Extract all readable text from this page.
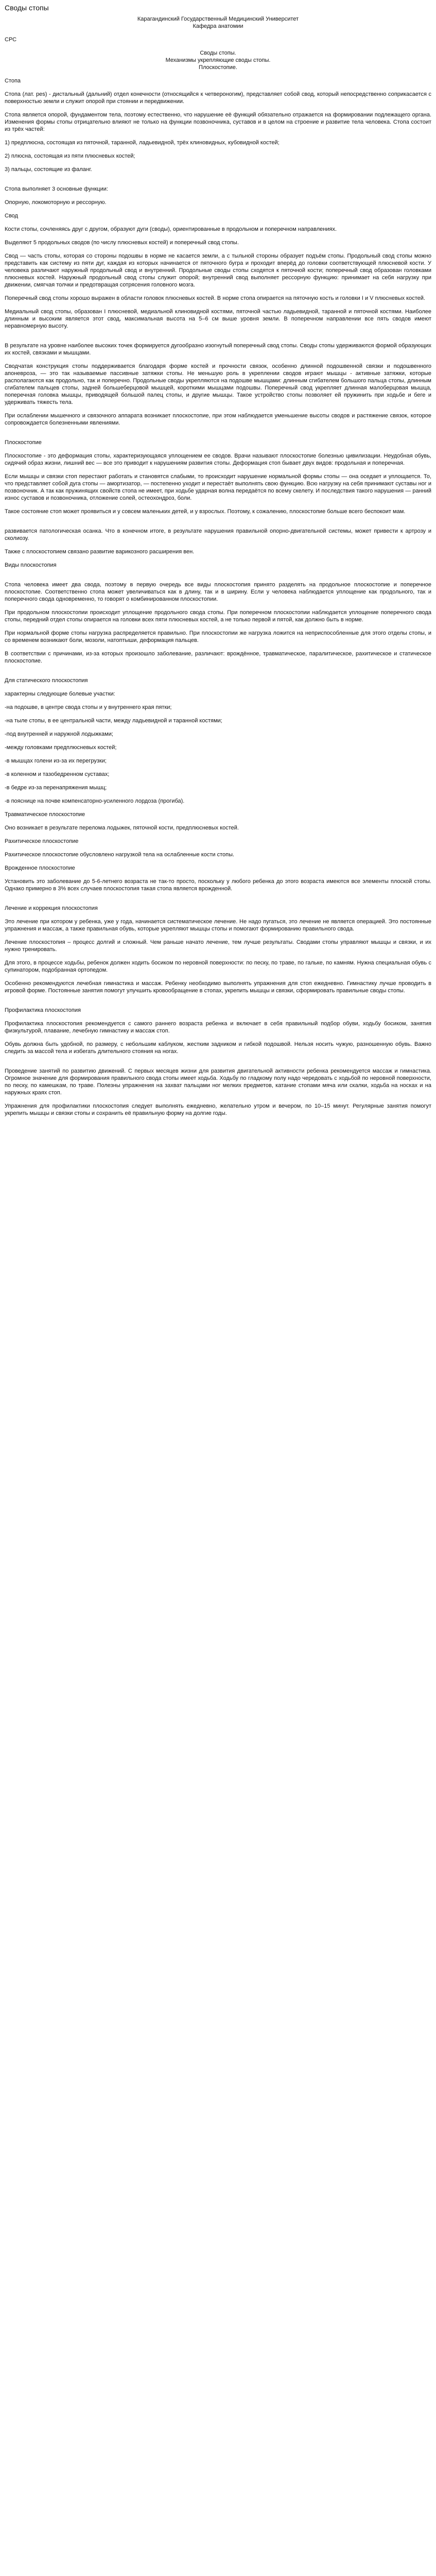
Своды стопы
Карагандинский Государственный Медицинский Университет
Кафедра анатомии
СРС
Своды стопы.
Механизмы укрепляющие своды стопы.
Плоскостопие.
Стопа
Стопа (лат. pes) - дистальный (дальний) отдел конечности (относящийся к четвероногим), представляет собой свод, который непосредственно соприкасается с поверхностью земли и служит опорой при стоянии и передвижении.
Стопа является опорой, фундаментом тела, поэтому естественно, что нарушение её функций обязательно отражается на формировании подлежащего органа. Изменения формы стопы отрицательно влияют не только на функции позвоночника, суставов и в целом на строение и развитие тела человека. Стопа состоит из трёх частей:
1) предплюсна, состоящая из пяточной, таранной, ладьевидной, трёх клиновидных, кубовидной костей;
2) плюсна, состоящая из пяти плюсневых костей;
3) пальцы, состоящие из фаланг.
Стопа выполняет 3 основные функции:
Опорную, локомоторную и рессорную.
Свод
Кости стопы, сочленяясь друг с другом, образуют дуги (своды), ориентированные в продольном и поперечном направлениях.
Выделяют 5 продольных сводов (по числу плюсневых костей) и поперечный свод стопы.
Свод — часть стопы, которая со стороны подошвы в норме не касается земли, а с тыльной стороны образует подъём стопы. Продольный свод стопы можно представить как систему из пяти дуг, каждая из которых начинается от пяточного бугра и проходит вперёд до головки соответствующей плюсневой кости. У человека различают наружный продольный свод и внутренний. Продольные своды стопы сходятся к пяточной кости; поперечный свод образован головками плюсневых костей. Наружный продольный свод стопы служит опорой; внутренний свод выполняет рессорную функцию: принимает на себя нагрузку при движении, смягчая толчки и предотвращая сотрясения головного мозга.
Поперечный свод стопы хорошо выражен в области головок плюсневых костей. В норме стопа опирается на пяточную кость и головки I и V плюсневых костей.
Медиальный свод стопы, образован I плюсневой, медиальной клиновидной костями, пяточной частью ладьевидной, таранной и пяточной костями. Наиболее длинным и высоким является этот свод, максимальная высота на 5–6 см выше уровня земли. В поперечном направлении все пять сводов имеют неравномерную высоту.
В результате на уровне наиболее высоких точек формируется дугообразно изогнутый поперечный свод стопы. Своды стопы удерживаются формой образующих их костей, связками и мышцами.
Сводчатая конструкция стопы поддерживается благодаря форме костей и прочности связок, особенно длинной подошвенной связки и подошвенного апоневроза, — это так называемые пассивные затяжки стопы. Не меньшую роль в укреплении сводов играют мышцы - активные затяжки, которые располагаются как продольно, так и поперечно. Продольные своды укрепляются на подошве мышцами: длинным сгибателем большого пальца стопы, длинным сгибателем пальцев стопы, задней большеберцовой мышцей, короткими мышцами подошвы. Поперечный свод укрепляет длинная малоберцовая мышца, поперечная головка мышцы, приводящей большой палец стопы, и другие мышцы. Такое устройство стопы позволяет ей пружинить при ходьбе и беге и удерживать тяжесть тела.
При ослаблении мышечного и связочного аппарата возникает плоскостопие, при этом наблюдается уменьшение высоты сводов и растяжение связок, которое сопровождается болезненными явлениями.
Плоскостопие
Плоскостопие - это деформация стопы, характеризующаяся уплощением ее сводов. Врачи называют плоскостопие болезнью цивилизации. Неудобная обувь, сидячий образ жизни, лишний вес — все это приводит к нарушениям развития стопы. Деформация стоп бывает двух видов: продольная и поперечная.
Если мышцы и связки стоп перестают работать и становятся слабыми, то происходит нарушение нормальной формы стопы — она оседает и уплощается. То, что представляет собой дуга стопы — амортизатор, — постепенно уходит и перестаёт выполнять свою функцию. Всю нагрузку на себя принимают суставы ног и позвоночник. А так как пружинящих свойств стопа не имеет, при ходьбе ударная волна передаётся по всему скелету. И последствия такого нарушения — ранний износ суставов и позвоночника, отложение солей, остеохондроз, боли.
Такое состояние стоп может проявиться и у совсем маленьких детей, и у взрослых. Поэтому, к сожалению, плоскостопие больше всего беспокоит мам.
развивается патологическая осанка. Что в конечном итоге, в результате нарушения правильной опорно-двигательной системы, может привести к артрозу и сколиозу.
Также с плоскостопием связано развитие варикозного расширения вен.
Виды плоскостопия
Стопа человека имеет два свода, поэтому в первую очередь все виды плоскостопия принято разделять на продольное плоскостопие и поперечное плоскостопие. Соответственно стопа может увеличиваться как в длину, так и в ширину. Если у человека наблюдается уплощение как продольного, так и поперечного свода одновременно, то говорят о комбинированном плоскостопии.
При продольном плоскостопии происходит уплощение продольного свода стопы. При поперечном плоскостопии наблюдается уплощение поперечного свода стопы, передний отдел стопы опирается на головки всех пяти плюсневых костей, а не только первой и пятой, как должно быть в норме.
При нормальной форме стопы нагрузка распределяется правильно. При плоскостопии же нагрузка ложится на неприспособленные для этого отделы стопы, и со временем возникают боли, мозоли, натоптыши, деформация пальцев.
В соответствии с причинами, из-за которых произошло заболевание, различают: врождённое, травматическое, паралитическое, рахитическое и статическое плоскостопие.
Для статического плоскостопия
характерны следующие болевые участки:
-на подошве, в центре свода стопы и у внутреннего края пятки;
-на тыле стопы, в ее центральной части, между ладьевидной и таранной костями;
-под внутренней и наружной лодыжками;
-между головками предплюсневых костей;
-в мышцах голени из-за их перегрузки;
-в коленном и тазобедренном суставах;
-в бедре из-за перенапряжения мышц;
-в пояснице на почве компенсаторно-усиленного лордоза (прогиба).
Травматическое плоскостопие
Оно возникает в результате перелома лодыжек, пяточной кости, предплюсневых костей.
Рахитическое плоскостопие
Рахитическое плоскостопие обусловлено нагрузкой тела на ослабленные кости стопы.
Врожденное плоскостопие
Установить это заболевание до 5-6-летнего возраста не так-то просто, поскольку у любого ребенка до этого возраста имеются все элементы плоской стопы. Однако примерно в 3% всех случаев плоскостопия такая стопа является врожденной.
Лечение и коррекция плоскостопия
Это лечение при котором у ребенка, уже у года, начинается систематическое лечение. Не надо пугаться, это лечение не является операцией. Это постоянные упражнения и массаж, а также правильная обувь, которые укрепляют мышцы стопы и помогают формированию правильного свода.
Лечение плоскостопия – процесс долгий и сложный. Чем раньше начато лечение, тем лучше результаты. Сводами стопы управляют мышцы и связки, и их нужно тренировать.
Для этого, в процессе ходьбы, ребенок должен ходить босиком по неровной поверхности: по песку, по траве, по гальке, по камням. Нужна специальная обувь с супинатором, подобранная ортопедом.
Особенно рекомендуются лечебная гимнастика и массаж. Ребенку необходимо выполнять упражнения для стоп ежедневно. Гимнастику лучше проводить в игровой форме. Постоянные занятия помогут улучшить кровообращение в стопах, укрепить мышцы и связки, сформировать правильные своды стопы.
Профилактика плоскостопия
Профилактика плоскостопия рекомендуется с самого раннего возраста ребенка и включает в себя правильный подбор обуви, ходьбу босиком, занятия физкультурой, плавание, лечебную гимнастику и массаж стоп.
Обувь должна быть удобной, по размеру, с небольшим каблуком, жестким задником и гибкой подошвой. Нельзя носить чужую, разношенную обувь. Важно следить за массой тела и избегать длительного стояния на ногах.
Проведение занятий по развитию движений. С первых месяцев жизни для развития двигательной активности ребенка рекомендуется массаж и гимнастика. Огромное значение для формирования правильного свода стопы имеет ходьба. Ходьбу по гладкому полу надо чередовать с ходьбой по неровной поверхности, по песку, по камешкам, по траве. Полезны упражнения на захват пальцами ног мелких предметов, катание стопами мяча или скалки, ходьба на носках и на наружных краях стоп.
Упражнения для профилактики плоскостопия следует выполнять ежедневно, желательно утром и вечером, по 10–15 минут. Регулярные занятия помогут укрепить мышцы и связки стопы и сохранить её правильную форму на долгие годы.
